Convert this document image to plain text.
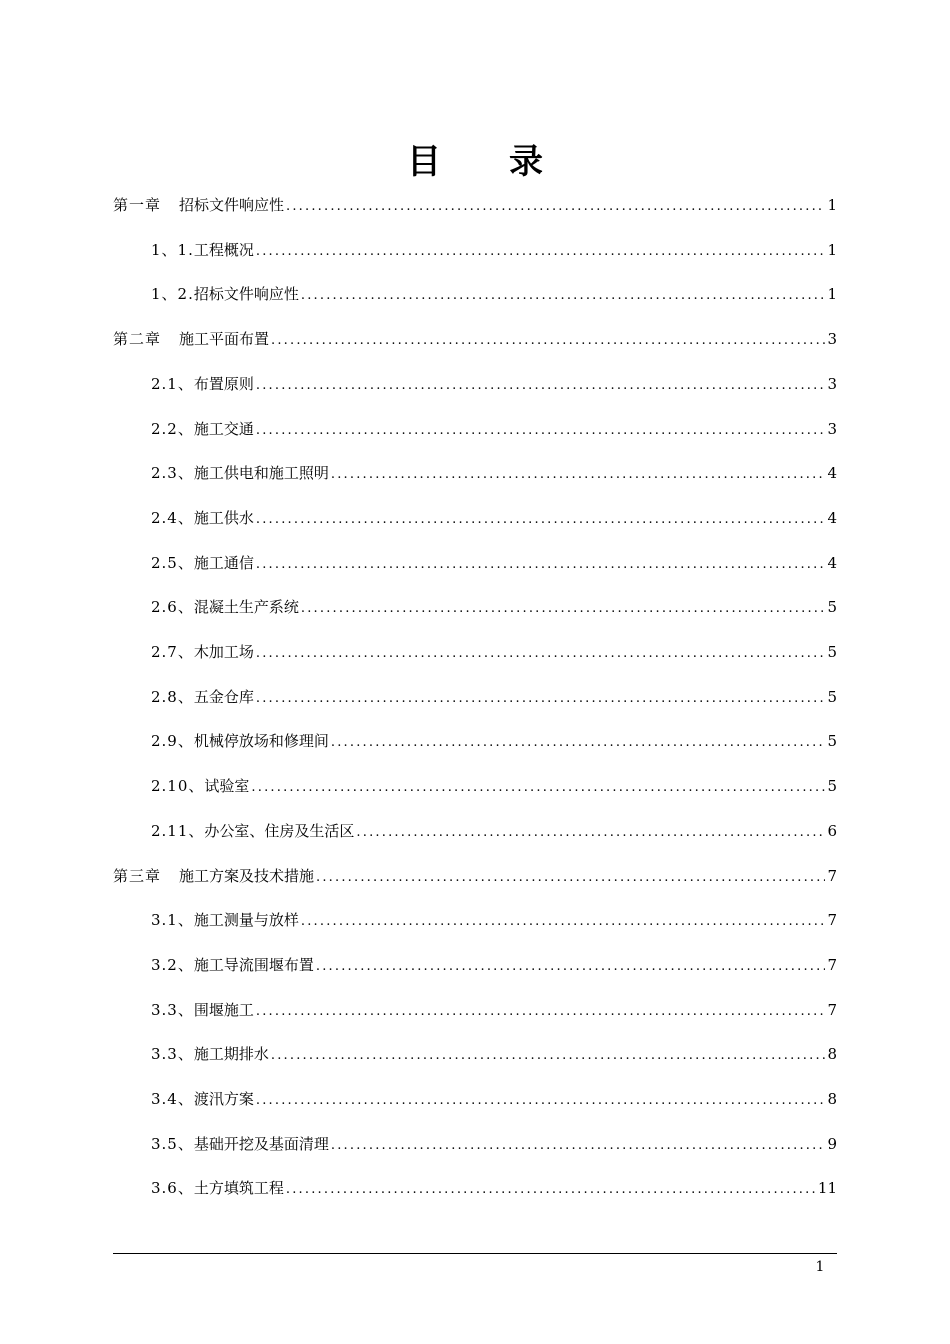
目　　录
第一章	招标文件响应性 .....	1
1、1. 工程概况 .....	1
1、2. 招标文件响应性 .....	1
第二章	施工平面布置 .....	3
2.1、 布置原则 .....	3
2.2、 施工交通 .....	3
2.3、 施工供电和施工照明 .....	4
2.4、 施工供水 .....	4
2.5、 施工通信 .....	4
2.6、 混凝土生产系统 .....	5
2.7、 木加工场 .....	5
2.8、 五金仓库 .....	5
2.9、 机械停放场和修理间 .....	5
2.10、 试验室 .....	5
2.11、 办公室、住房及生活区 .....	6
第三章	施工方案及技术措施 .....	7
3.1、 施工测量与放样 .....	7
3.2、 施工导流围堰布置 .....	7
3.3、 围堰施工 .....	7
3.3、 施工期排水 .....	8
3.4、 渡汛方案 .....	8
3.5、 基础开挖及基面清理 .....	9
3.6、 土方填筑工程 .....	11
1
